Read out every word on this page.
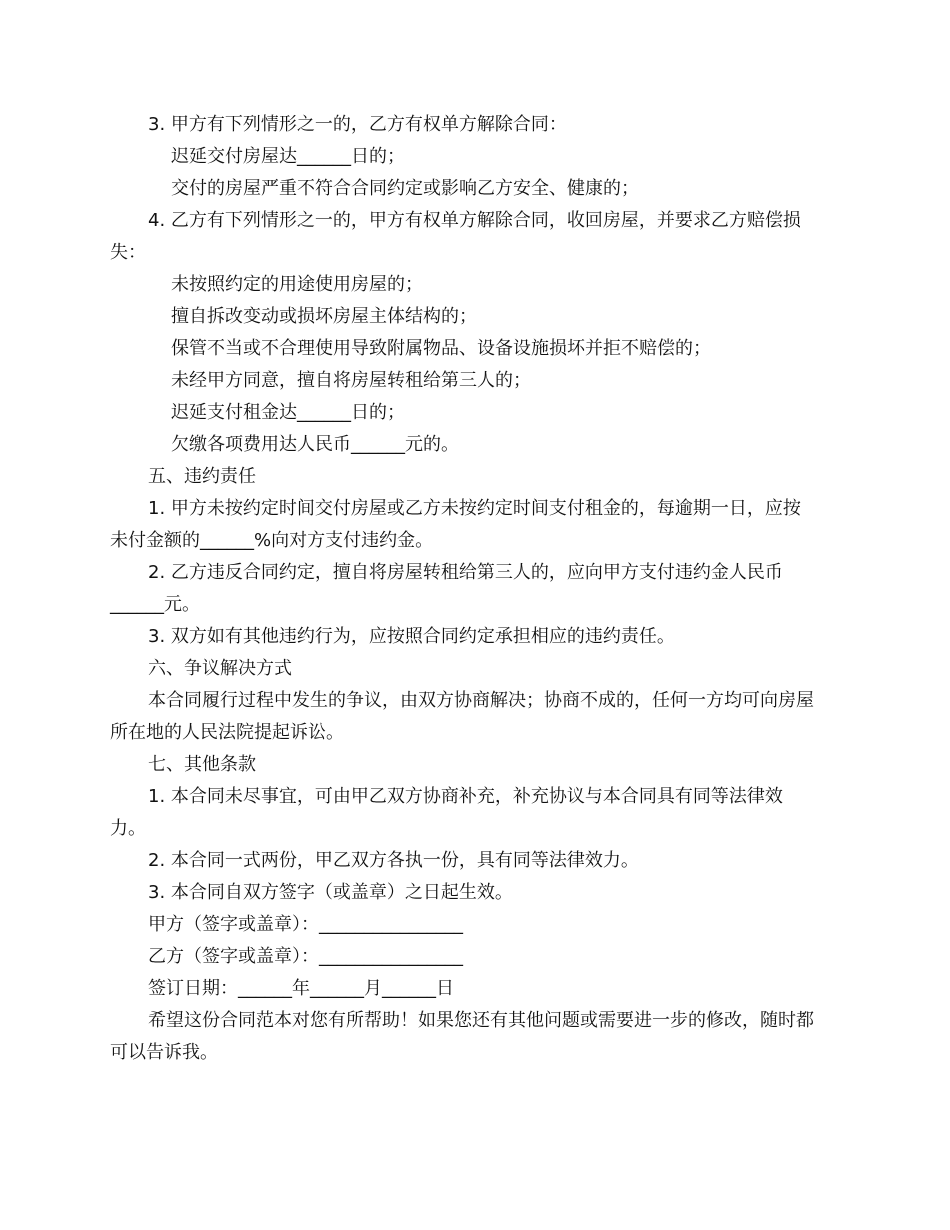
3. 甲方有下列情形之一的，乙方有权单方解除合同：
迟延交付房屋达______日的；
交付的房屋严重不符合合同约定或影响乙方安全、健康的；
4. 乙方有下列情形之一的，甲方有权单方解除合同，收回房屋，并要求乙方赔偿损
失：
未按照约定的用途使用房屋的；
擅自拆改变动或损坏房屋主体结构的；
保管不当或不合理使用导致附属物品、设备设施损坏并拒不赔偿的；
未经甲方同意，擅自将房屋转租给第三人的；
迟延支付租金达______日的；
欠缴各项费用达人民币______元的。
五、违约责任
1. 甲方未按约定时间交付房屋或乙方未按约定时间支付租金的，每逾期一日，应按
未付金额的______%向对方支付违约金。
2. 乙方违反合同约定，擅自将房屋转租给第三人的，应向甲方支付违约金人民币
______元。
3. 双方如有其他违约行为，应按照合同约定承担相应的违约责任。
六、争议解决方式
本合同履行过程中发生的争议，由双方协商解决；协商不成的，任何一方均可向房屋
所在地的人民法院提起诉讼。
七、其他条款
1. 本合同未尽事宜，可由甲乙双方协商补充，补充协议与本合同具有同等法律效
力。
2. 本合同一式两份，甲乙双方各执一份，具有同等法律效力。
3. 本合同自双方签字（或盖章）之日起生效。
甲方（签字或盖章）：________________
乙方（签字或盖章）：________________
签订日期：______年______月______日
希望这份合同范本对您有所帮助！如果您还有其他问题或需要进一步的修改，随时都
可以告诉我。
